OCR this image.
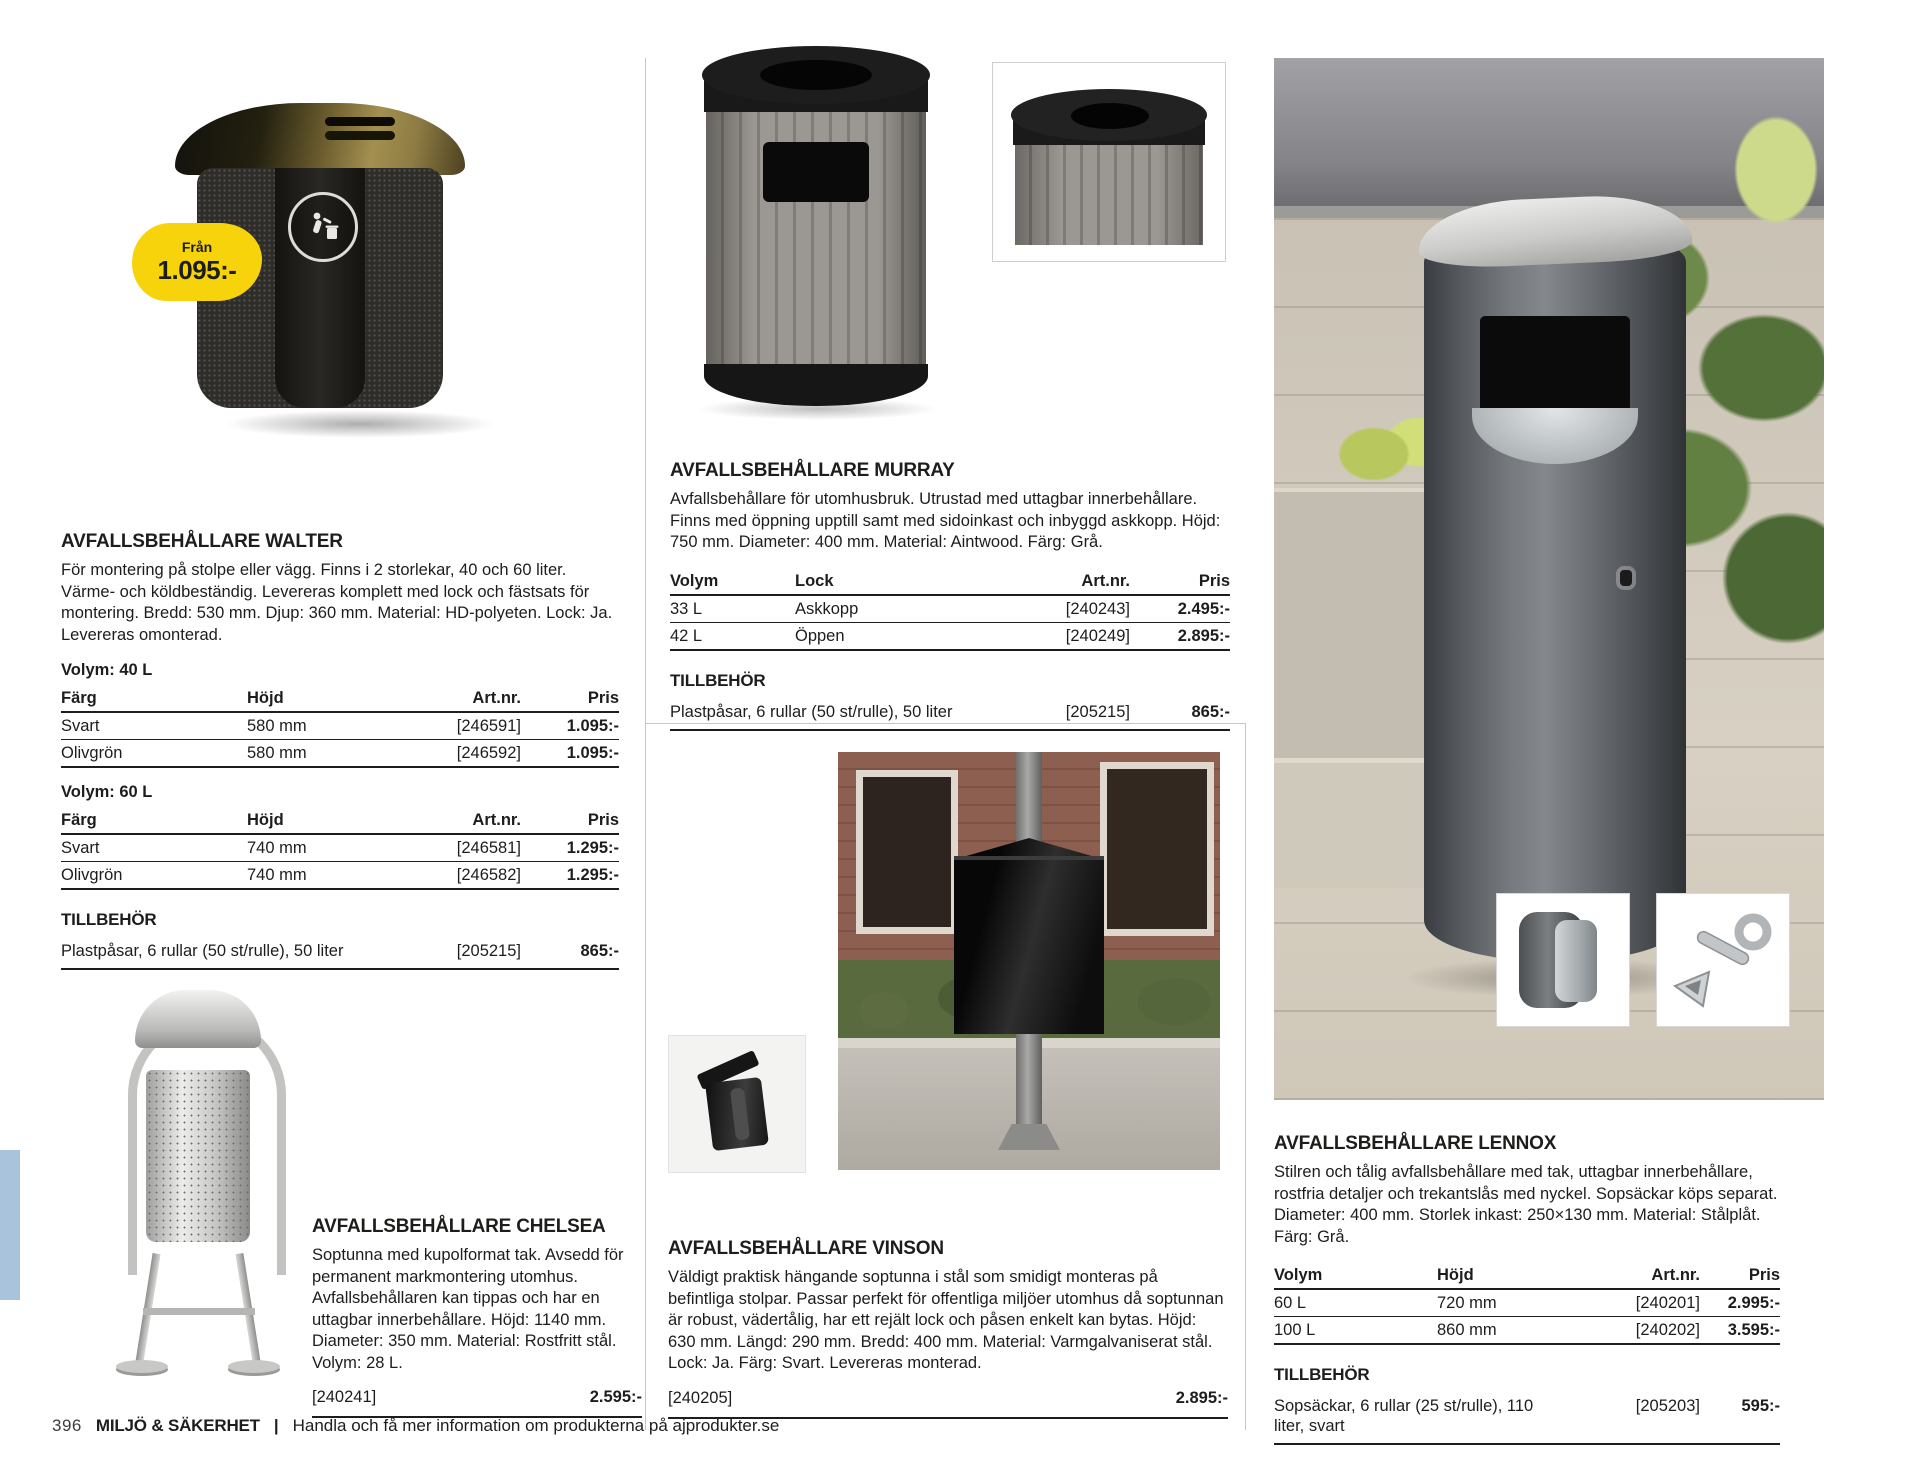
Från
1.095:-
AVFALLSBEHÅLLARE WALTER

För montering på stolpe eller vägg. Finns i 2 storlekar, 40 och 60 liter. Värme- och köldbeständig. Levereras komplett med lock och fästsats för montering. Bredd: 530 mm. Djup: 360 mm. Material: HD-polyeten. Lock: Ja. Levereras omonterad.

Volym: 40 L
Färg	Höjd	Art.nr.	Pris
Svart	580 mm	[246591]	1.095:-
Olivgrön	580 mm	[246592]	1.095:-
Volym: 60 L
Färg	Höjd	Art.nr.	Pris
Svart	740 mm	[246581]	1.295:-
Olivgrön	740 mm	[246582]	1.295:-
TILLBEHÖR
Plastpåsar, 6 rullar (50 st/rulle), 50 liter	[205215]	865:-
AVFALLSBEHÅLLARE CHELSEA

Soptunna med kupolformat tak. Avsedd för permanent markmontering utomhus. Avfallsbehållaren kan tippas och har en uttagbar innerbehållare. Höjd: 1140 mm. Diameter: 350 mm. Material: Rostfritt stål. Volym: 28 L.

[240241]	2.595:-
AVFALLSBEHÅLLARE MURRAY

Avfallsbehållare för utomhusbruk. Utrustad med uttagbar innerbehållare. Finns med öppning upptill samt med sidoinkast och inbyggd askkopp. Höjd: 750 mm. Diameter: 400 mm. Material: Aintwood. Färg: Grå.

Volym	Lock	Art.nr.	Pris
33 L	Askkopp	[240243]	2.495:-
42 L	Öppen	[240249]	2.895:-
TILLBEHÖR
Plastpåsar, 6 rullar (50 st/rulle), 50 liter	[205215]	865:-
AVFALLSBEHÅLLARE VINSON

Väldigt praktisk hängande soptunna i stål som smidigt monteras på befintliga stolpar. Passar perfekt för offentliga miljöer utomhus då soptunnan är robust, vädertålig, har ett rejält lock och påsen enkelt kan bytas. Höjd: 630 mm. Längd: 290 mm. Bredd: 400 mm. Material: Varmgalvaniserat stål. Lock: Ja. Färg: Svart. Levereras monterad.

[240205]	2.895:-
AVFALLSBEHÅLLARE LENNOX

Stilren och tålig avfallsbehållare med tak, uttagbar innerbehållare, rostfria detaljer och trekantslås med nyckel. Sopsäckar köps separat. Diameter: 400 mm. Storlek inkast: 250×130 mm. Material: Stålplåt. Färg: Grå.

Volym	Höjd	Art.nr.	Pris
60 L	720 mm	[240201]	2.995:-
100 L	860 mm	[240202]	3.595:-
TILLBEHÖR
Sopsäckar, 6 rullar (25 st/rulle), 110 liter, svart
[205203]	595:-
396 MILJÖ & SÄKERHET | Handla och få mer information om produkterna på ajprodukter.se
